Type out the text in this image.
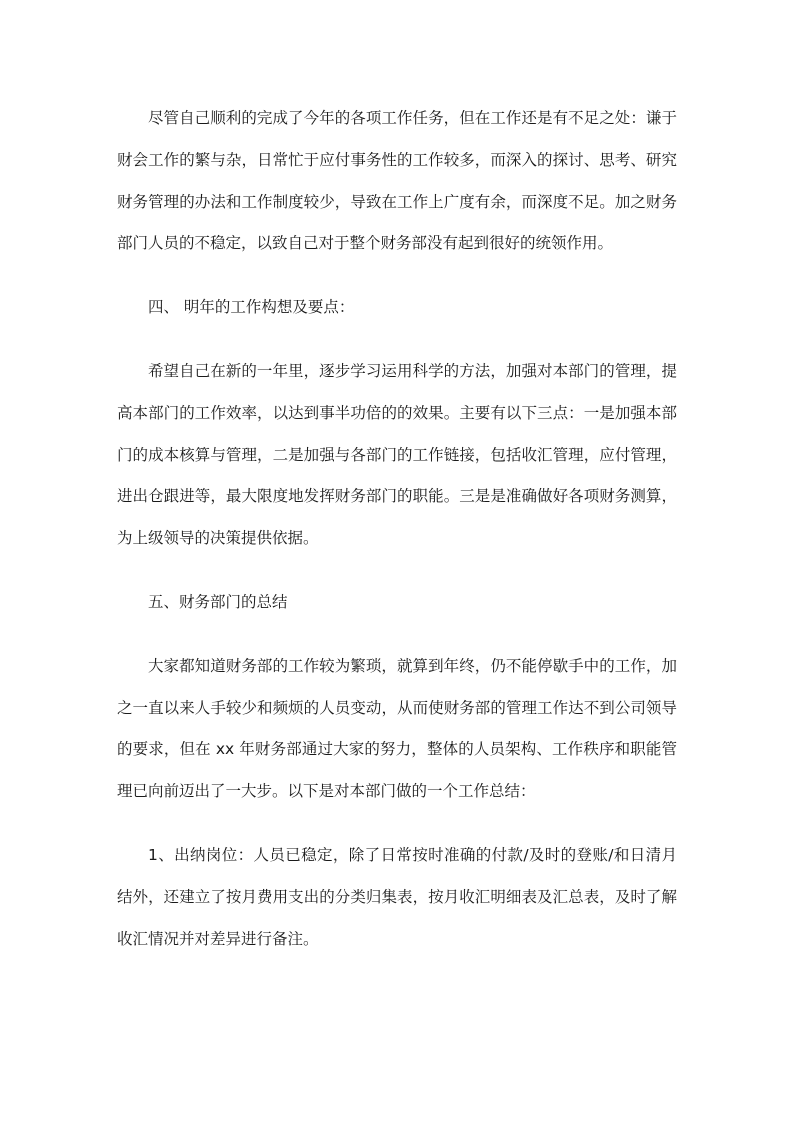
尽管自己顺利的完成了今年的各项工作任务，但在工作还是有不足之处：谦于财会工作的繁与杂，日常忙于应付事务性的工作较多，而深入的探讨、思考、研究财务管理的办法和工作制度较少，导致在工作上广度有余，而深度不足。加之财务部门人员的不稳定，以致自己对于整个财务部没有起到很好的统领作用。

四、 明年的工作构想及要点：

希望自己在新的一年里，逐步学习运用科学的方法，加强对本部门的管理，提高本部门的工作效率，以达到事半功倍的的效果。主要有以下三点：一是加强本部门的成本核算与管理，二是加强与各部门的工作链接，包括收汇管理，应付管理，进出仓跟进等，最大限度地发挥财务部门的职能。三是是准确做好各项财务测算，为上级领导的决策提供依据。

五、财务部门的总结

大家都知道财务部的工作较为繁琐，就算到年终，仍不能停歇手中的工作，加之一直以来人手较少和频烦的人员变动，从而使财务部的管理工作达不到公司领导的要求，但在 xx 年财务部通过大家的努力，整体的人员架构、工作秩序和职能管理已向前迈出了一大步。以下是对本部门做的一个工作总结：

1、出纳岗位：人员已稳定，除了日常按时准确的付款/及时的登账/和日清月结外，还建立了按月费用支出的分类归集表，按月收汇明细表及汇总表，及时了解收汇情况并对差异进行备注。
